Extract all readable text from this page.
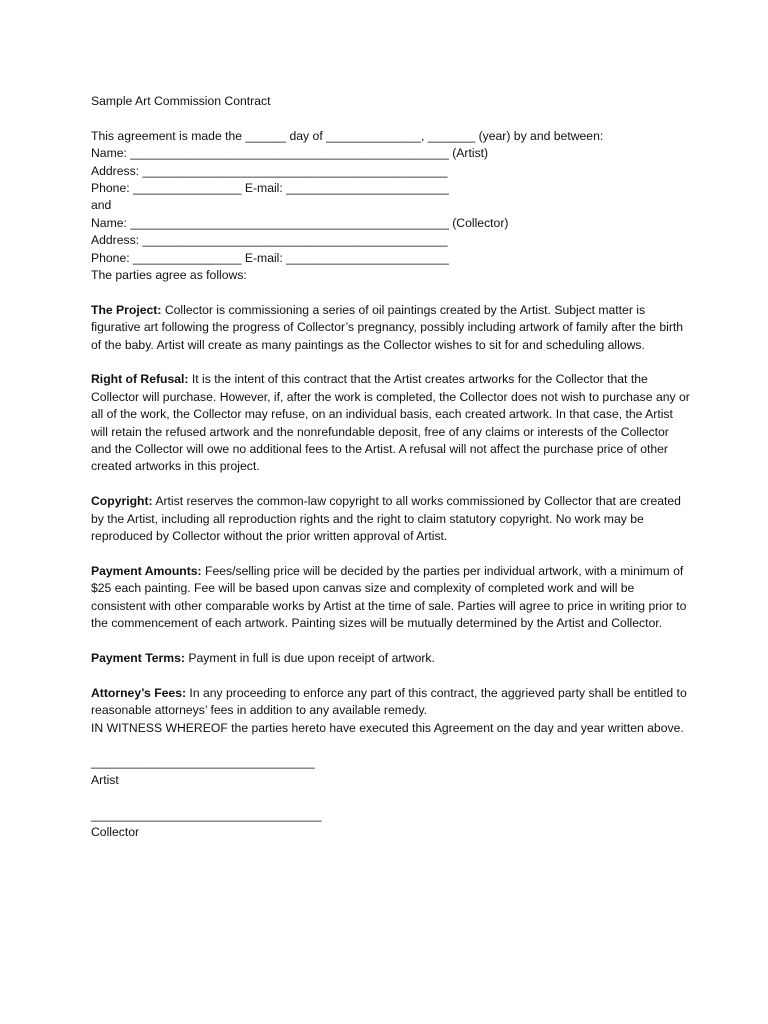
Sample Art Commission Contract
This agreement is made the ______ day of ______________, _______ (year) by and between:
Name: _______________________________________________ (Artist)
Address: _____________________________________________
Phone: ________________ E-mail: ________________________
and
Name: _______________________________________________ (Collector)
Address: _____________________________________________
Phone: ________________ E-mail: ________________________
The parties agree as follows:
The Project: Collector is commissioning a series of oil paintings created by the Artist. Subject matter is figurative art following the progress of Collector’s pregnancy, possibly including artwork of family after the birth of the baby. Artist will create as many paintings as the Collector wishes to sit for and scheduling allows.
Right of Refusal: It is the intent of this contract that the Artist creates artworks for the Collector that the Collector will purchase. However, if, after the work is completed, the Collector does not wish to purchase any or all of the work, the Collector may refuse, on an individual basis, each created artwork. In that case, the Artist will retain the refused artwork and the nonrefundable deposit, free of any claims or interests of the Collector and the Collector will owe no additional fees to the Artist. A refusal will not affect the purchase price of other created artworks in this project.
Copyright: Artist reserves the common-law copyright to all works commissioned by Collector that are created by the Artist, including all reproduction rights and the right to claim statutory copyright. No work may be reproduced by Collector without the prior written approval of Artist.
Payment Amounts: Fees/selling price will be decided by the parties per individual artwork, with a minimum of $25 each painting. Fee will be based upon canvas size and complexity of completed work and will be consistent with other comparable works by Artist at the time of sale. Parties will agree to price in writing prior to the commencement of each artwork. Painting sizes will be mutually determined by the Artist and Collector.
Payment Terms: Payment in full is due upon receipt of artwork.
Attorney’s Fees: In any proceeding to enforce any part of this contract, the aggrieved party shall be entitled to reasonable attorneys’ fees in addition to any available remedy.
IN WITNESS WHEREOF the parties hereto have executed this Agreement on the day and year written above.
_________________________________
Artist
__________________________________
Collector
